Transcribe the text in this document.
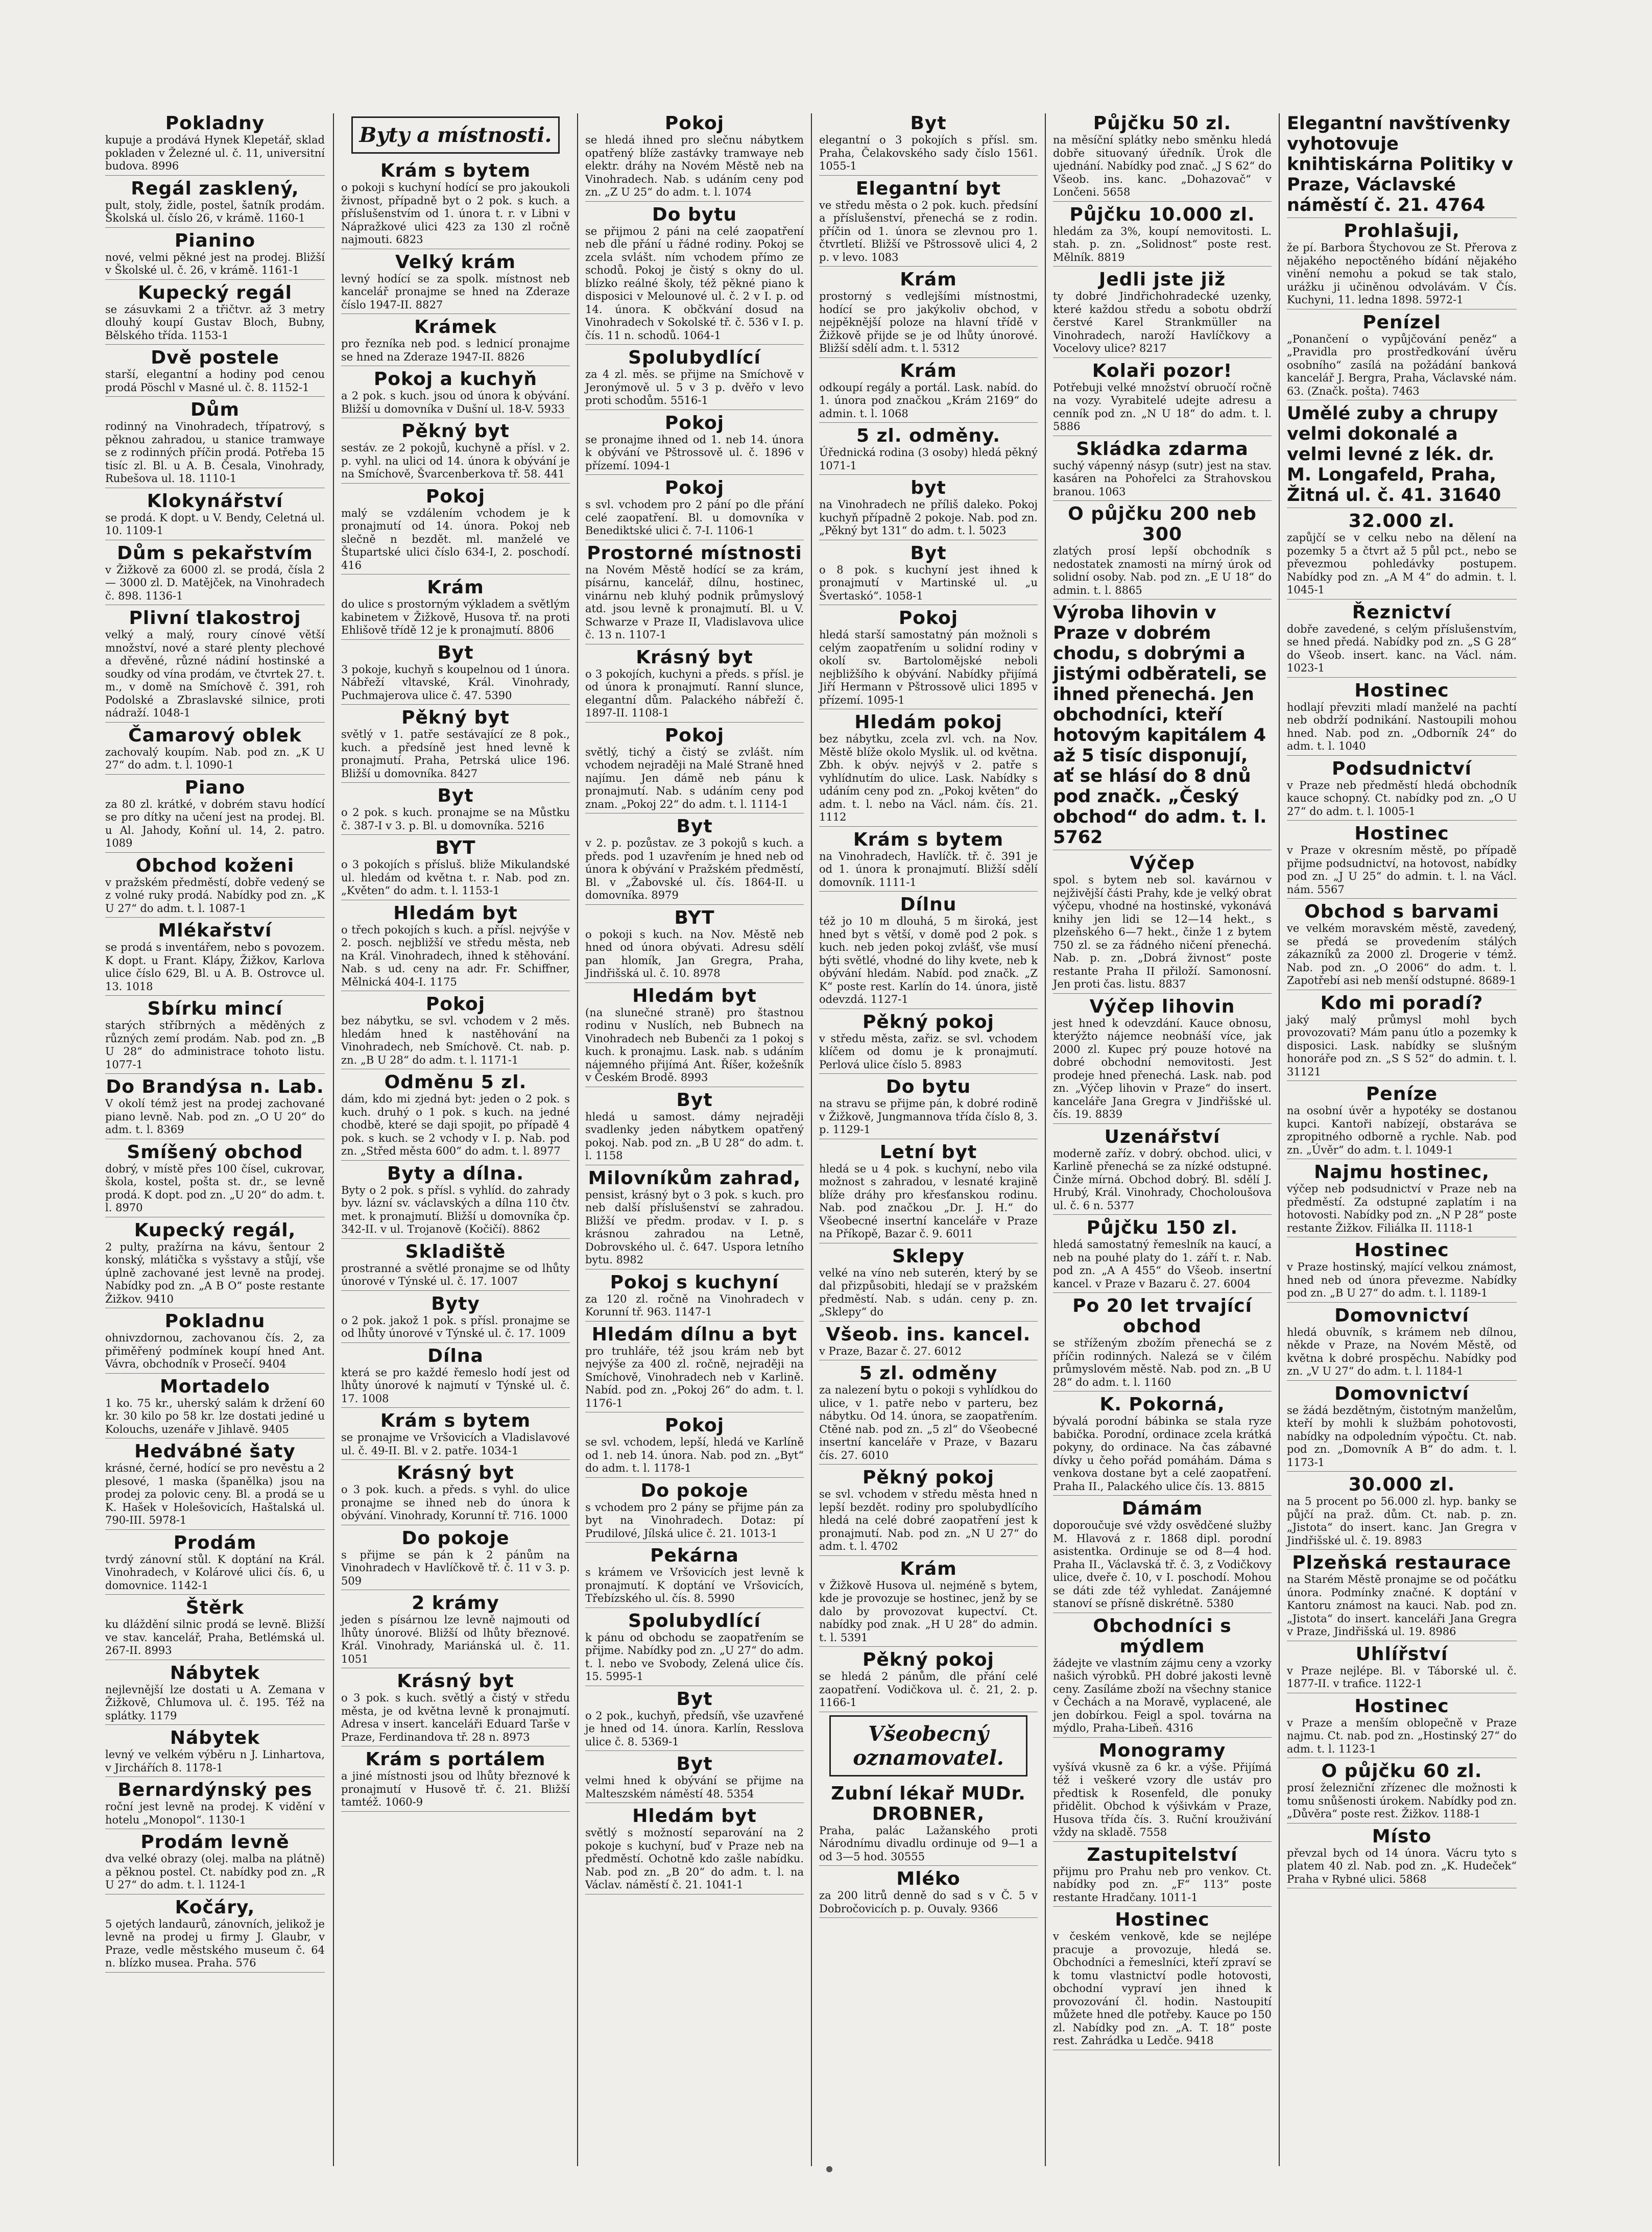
Pokladny
kupuje a prodává Hynek Klepetář, sklad pokladen v Železné ul. č. 11, universitní budova. 8996
Regál zasklený,
pult, stoly, židle, postel, šatník prodám. Školská ul. číslo 26, v krámě. 1160-1
Pianino
nové, velmi pěkné jest na prodej. Bližší v Školské ul. č. 26, v krámě. 1161-1
Kupecký regál
se zásuvkami 2 a třičtvr. až 3 metry dlouhý koupí Gustav Bloch, Bubny, Bělského třída. 1153-1
Dvě postele
starší, elegantní a hodiny pod cenou prodá Pöschl v Masné ul. č. 8. 1152-1
Dům
rodinný na Vinohradech, třípatrový, s pěknou zahradou, u stanice tramwaye se z rodinných příčin prodá. Potřeba 15 tisíc zl. Bl. u A. B. Česala, Vinohrady, Rubešova ul. 18. 1110-1
Klokynářství
se prodá. K dopt. u V. Bendy, Celetná ul. 10. 1109-1
Dům s pekařstvím
v Žižkově za 6000 zl. se prodá, čísla 2 — 3000 zl. D. Matějček, na Vinohradech č. 898. 1136-1
Plivní tlakostroj
velký a malý, roury cínové větší množství, nové a staré plenty plechové a dřevěné, různé nádiní hostinské a soudky od vína prodám, ve čtvrtek 27. t. m., v domě na Smíchově č. 391, roh Podolské a Zbraslavské silnice, proti nádraží. 1048-1
Čamarový oblek
zachovalý koupím. Nab. pod zn. „K U 27“ do adm. t. l. 1090-1
Piano
za 80 zl. krátké, v dobrém stavu hodící se pro dítky na učení jest na prodej. Bl. u Al. Jahody, Koňní ul. 14, 2. patro. 1089
Obchod koženi
v pražském předměstí, dobře vedený se z volné ruky prodá. Nabídky pod zn. „K U 27“ do adm. t. l. 1087-1
Mlékařství
se prodá s inventářem, nebo s povozem. K dopt. u Frant. Klápy, Žižkov, Karlova ulice číslo 629, Bl. u A. B. Ostrovce ul. 13. 1018
Sbírku mincí
starých stříbrných a měděných z různých zemí prodám. Nab. pod zn. „B U 28“ do administrace tohoto listu. 1077-1
Do Brandýsa n. Lab.
V okolí témž jest na prodej zachované piano levně. Nab. pod zn. „O U 20“ do adm. t. l. 8369
Smíšený obchod
dobrý, v místě přes 100 čísel, cukrovar, škola, kostel, pošta st. dr., se levně prodá. K dopt. pod zn. „U 20“ do adm. t. l. 8970
Kupecký regál,
2 pulty, pražírna na kávu, šentour 2 konský, mlátička s vyšstavy a stůjí, vše úplně zachované jest levně na prodej. Nabídky pod zn. „A B O“ poste restante Žižkov. 9410
Pokladnu
ohnivzdornou, zachovanou čís. 2, za přiměřený podmínek koupí hned Ant. Vávra, obchodník v Prosečí. 9404
Mortadelo
1 ko. 75 kr., uherský salám k držení 60 kr. 30 kilo po 58 kr. lze dostati jediné u Kolouchs, uzenáře v Jihlavě. 9405
Hedvábné šaty
krásné, černé, hodící se pro nevěstu a 2 plesové, 1 maska (španělka) jsou na prodej za polovic ceny. Bl. a prodá se u K. Hašek v Holešovicích, Haštalská ul. 790-III. 5978-1
Prodám
tvrdý zánovní stůl. K doptání na Král. Vinohradech, v Kolárové ulici čís. 6, u domovnice. 1142-1
Štěrk
ku dláždění silnic prodá se levně. Bližší ve stav. kancelář, Praha, Betlémská ul. 267-II. 8993
Nábytek
nejlevnější lze dostati u A. Zemana v Žižkově, Chlumova ul. č. 195. Též na splátky. 1179
Nábytek
levný ve velkém výběru n J. Linhartova, v Jirchářích 8. 1178-1
Bernardýnský pes
roční jest levně na prodej. K vidění v hotelu „Monopol“. 1130-1
Prodám levně
dva velké obrazy (olej. malba na plátně) a pěknou postel. Ct. nabídky pod zn. „R U 27“ do adm. t. l. 1124-1
Kočáry,
5 ojetých landaurů, zánovních, jelikož je levně na prodej u firmy J. Glaubr, v Praze, vedle městského museum č. 64 n. blízko musea. Praha. 576
Byty a místnosti.
Krám s bytem
o pokoji s kuchyní hodící se pro jakoukoli živnost, případně byt o 2 pok. s kuch. a příslušenstvím od 1. února t. r. v Libni v Nápražkové ulici 423 za 130 zl ročně najmouti. 6823
Velký krám
levný hodící se za spolk. místnost neb kancelář pronajme se hned na Zderaze číslo 1947-II. 8827
Krámek
pro řezníka neb pod. s lednicí pronajme se hned na Zderaze 1947-II. 8826
Pokoj a kuchyň
a 2 pok. s kuch. jsou od února k obývání. Bližší u domovníka v Dušní ul. 18-V. 5933
Pěkný byt
sestáv. ze 2 pokojů, kuchyně a přísl. v 2. p. vyhl. na ulici od 14. února k obývání je na Smíchově, Švarcenberkova tř. 58. 441
Pokoj
malý se vzdálením vchodem je k pronajmutí od 14. února. Pokoj neb slečně n bezdět. ml. manželé ve Štupartské ulici číslo 634-I, 2. poschodí. 416
Krám
do ulice s prostorným výkladem a světlým kabinetem v Žižkově, Husova tř. na proti Ehlišově třídě 12 je k pronajmutí. 8806
Byt
3 pokoje, kuchyň s koupelnou od 1 února. Nábřeží vltavské, Král. Vinohrady, Puchmajerova ulice č. 47. 5390
Pěkný byt
světlý v 1. patře sestávající ze 8 pok., kuch. a předsíně jest hned levně k pronajmutí. Praha, Petrská ulice 196. Bližší u domovníka. 8427
Byt
o 2 pok. s kuch. pronajme se na Můstku č. 387-I v 3. p. Bl. u domovníka. 5216
BYT
o 3 pokojích s přísluš. bliže Mikulandské ul. hledám od května t. r. Nab. pod zn. „Květen“ do adm. t. l. 1153-1
Hledám byt
o třech pokojích s kuch. a přísl. nejvýše v 2. posch. nejbližší ve středu města, neb na Král. Vinohradech, ihned k stěhování. Nab. s ud. ceny na adr. Fr. Schiffner, Mělnická 404-I. 1175
Pokoj
bez nábytku, se svl. vchodem v 2 měs. hledám hned k nastěhování na Vinohradech, neb Smíchově. Ct. nab. p. zn. „B U 28“ do adm. t. l. 1171-1
Odměnu 5 zl.
dám, kdo mi zjedná byt: jeden o 2 pok. s kuch. druhý o 1 pok. s kuch. na jedné chodbě, které se daji spojit, po případě 4 pok. s kuch. se 2 vchody v I. p. Nab. pod zn. „Střed města 600“ do adm. t. l. 8977
Byty a dílna.
Byty o 2 pok. s přísl. s vyhlíd. do zahrady byv. lázní sv. václavských a dílna 110 čtv. met. k pronajmutí. Bližší u domovníka čp. 342-II. v ul. Trojanově (Kočičí). 8862
Skladiště
prostranné a světlé pronajme se od lhůty únorové v Týnské ul. č. 17. 1007
Byty
o 2 pok. jakož 1 pok. s přísl. pronajme se od lhůty únorové v Týnské ul. č. 17. 1009
Dílna
která se pro každé řemeslo hodí jest od lhůty únorové k najmutí v Týnské ul. č. 17. 1008
Krám s bytem
se pronajme ve Vršovicích a Vladislavové ul. č. 49-II. Bl. v 2. patře. 1034-1
Krásný byt
o 3 pok. kuch. a předs. s vyhl. do ulice pronajme se ihned neb do února k obývání. Vinohrady, Korunní tř. 716. 1000
Do pokoje
s přijme se pán k 2 pánům na Vinohradech v Havlíčkově tř. č. 11 v 3. p. 509
2 krámy
jeden s písárnou lze levně najmouti od lhůty únorové. Bližší od lhůty březnové. Král. Vinohrady, Mariánská ul. č. 11. 1051
Krásný byt
o 3 pok. s kuch. světlý a čistý v středu města, je od května levně k pronajmutí. Adresa v insert. kanceláři Eduard Tarše v Praze, Ferdinandova tř. 28 n. 8973
Krám s portálem
a jiné místnosti jsou od lhůty březnové k pronajmutí v Husově tř. č. 21. Bližší tamtéž. 1060-9
Pokoj
se hledá ihned pro slečnu nábytkem opatřený blíže zastávky tramwaye neb elektr. dráhy na Novém Městě neb na Vinohradech. Nab. s udáním ceny pod zn. „Z U 25“ do adm. t. l. 1074
Do bytu
se přijmou 2 páni na celé zaopatření neb dle přání u řádné rodiny. Pokoj se zcela svlášt. ním vchodem přímo ze schodů. Pokoj je čistý s okny do ul. blízko reálné školy, též pěkné piano k disposici v Melounové ul. č. 2 v I. p. od 14. února. K občkvání dosud na Vinohradech v Sokolské tř. č. 536 v I. p. čís. 11 n. schodů. 1064-1
Spolubydlící
za 4 zl. měs. se přijme na Smíchově v Jeronýmově ul. 5 v 3 p. dvěřo v levo proti schodům. 5516-1
Pokoj
se pronajme ihned od 1. neb 14. února k obývání ve Pštrossově ul. č. 1896 v přízemí. 1094-1
Pokoj
s svl. vchodem pro 2 pání po dle přání celé zaopatření. Bl. u domovníka v Benediktské ulici č. 7-I. 1106-1
Prostorné místnosti
na Novém Městě hodící se za krám, písárnu, kancelář, dílnu, hostinec, vinárnu neb kluhý podnik průmyslový atd. jsou levně k pronajmutí. Bl. u V. Schwarze v Praze II, Vladislavova ulice č. 13 n. 1107-1
Krásný byt
o 3 pokojích, kuchyni a předs. s přísl. je od února k pronajmutí. Ranní slunce, elegantní dům. Palackého nábřeží č. 1897-II. 1108-1
Pokoj
světlý, tichý a čistý se zvlášt. ním vchodem nejraději na Malé Straně hned najímu. Jen dámě neb pánu k pronajmutí. Nab. s udáním ceny pod znam. „Pokoj 22“ do adm. t. l. 1114-1
Byt
v 2. p. pozůstav. ze 3 pokojů s kuch. a předs. pod 1 uzavřením je hned neb od února k obývání v Pražském předměstí, Bl. v „Žabovské ul. čís. 1864-II. u domovníka. 8979
BYT
o pokoji s kuch. na Nov. Městě neb hned od února obývati. Adresu sdělí pan hlomík, Jan Gregra, Praha, Jindřišská ul. č. 10. 8978
Hledám byt
(na slunečné straně) pro štastnou rodinu v Nuslích, neb Bubnech na Vinohradech neb Bubenči za 1 pokoj s kuch. k pronajmu. Lask. nab. s udáním nájemného přijímá Ant. Říšer, kožešník v Českém Brodě. 8993
Byt
hledá u samost. dámy nejraději svadlenky jeden nábytkem opatřený pokoj. Nab. pod zn. „B U 28“ do adm. t. l. 1158
Milovníkům zahrad,
pensist, krásný byt o 3 pok. s kuch. pro neb další příslušenství se zahradou. Bližší ve předm. prodav. v I. p. s krásnou zahradou na Letně, Dobrovského ul. č. 647. Uspora letního bytu. 8982
Pokoj s kuchyní
za 120 zl. ročně na Vinohradech v Korunní tř. 963. 1147-1
Hledám dílnu a byt
pro truhláře, též jsou krám neb byt nejvýše za 400 zl. ročně, nejraději na Smíchově, Vinohradech neb v Karlině. Nabíd. pod zn. „Pokoj 26“ do adm. t. l. 1176-1
Pokoj
se svl. vchodem, lepší, hledá ve Karlíně od 1. neb 14. února. Nab. pod zn. „Byt“ do adm. t. l. 1178-1
Do pokoje
s vchodem pro 2 pány se přijme pán za byt na Vinohradech. Dotaz: pí Prudilové, Jílská ulice č. 21. 1013-1
Pekárna
s krámem ve Vršovicích jest levně k pronajmutí. K doptání ve Vršovicích, Třebízského ul. čís. 8. 5990
Spolubydlící
k pánu od obchodu se zaopatřením se přijme. Nabídky pod zn. „U 27“ do adm. t. l. nebo ve Svobody, Zelená ulice čís. 15. 5995-1
Byt
o 2 pok., kuchyň, předsíň, vše uzavřené je hned od 14. února. Karlín, Resslova ulice č. 8. 5369-1
Byt
velmi hned k obývání se přijme na Malteszském náměstí 48. 5354
Hledám byt
světlý s možností separování na 2 pokoje s kuchyní, buď v Praze neb na předměstí. Ochotně kdo zašle nabídku. Nab. pod zn. „B 20“ do adm. t. l. na Václav. náměstí č. 21. 1041-1
Byt
elegantní o 3 pokojích s přísl. sm. Praha, Čelakovského sady číslo 1561. 1055-1
Elegantní byt
ve středu města o 2 pok. kuch. předsíní a příslušenství, přenechá se z rodin. příčin od 1. února se zlevnou pro 1. čtvrtletí. Bližší ve Pštrossově ulici 4, 2 p. v levo. 1083
Krám
prostorný s vedlejšími místnostmi, hodící se pro jakýkoliv obchod, v nejpěknější poloze na hlavní třídě v Žižkově přijde se je od lhůty únorové. Bližší sdělí adm. t. l. 5312
Krám
odkoupí regály a portál. Lask. nabíd. do 1. února pod značkou „Krám 2169“ do admin. t. l. 1068
5 zl. odměny.
Úřednická rodina (3 osoby) hledá pěkný 1071-1
byt
na Vinohradech ne příliš daleko. Pokoj kuchyň případně 2 pokoje. Nab. pod zn. „Pěkný byt 131“ do adm. t. l. 5023
Byt
o 8 pok. s kuchyní jest ihned k pronajmutí v Martinské ul. „u Švertaskó“. 1058-1
Pokoj
hledá starší samostatný pán možnoli s celým zaopatřením u solidní rodiny v okolí sv. Bartolomějské neboli nejbližšího k obývání. Nabídky přijímá Jiří Hermann v Pštrossově ulici 1895 v přízemí. 1095-1
Hledám pokoj
bez nábytku, zcela zvl. vch. na Nov. Městě blíže okolo Myslik. ul. od května. Zbh. k obýv. nejvýš v 2. patře s vyhlídnutím do ulice. Lask. Nabídky s udáním ceny pod zn. „Pokoj květen“ do adm. t. l. nebo na Václ. nám. čís. 21. 1112
Krám s bytem
na Vinohradech, Havlíčk. tř. č. 391 je od 1. února k pronajmutí. Bližší sdělí domovník. 1111-1
Dílnu
též jo 10 m dlouhá, 5 m široká, jest hned byt s větší, v domě pod 2 pok. s kuch. neb jeden pokoj zvlášť, vše musí býti světlé, vhodné do lihy kvete, neb k obývání hledám. Nabíd. pod značk. „Z K“ poste rest. Karlín do 14. února, jistě odevzdá. 1127-1
Pěkný pokoj
v středu města, zařiz. se svl. vchodem klíčem od domu je k pronajmutí. Perlová ulice číslo 5. 8983
Do bytu
na stravu se přijme pán, k dobré rodině v Žižkově, Jungmannova třída číslo 8, 3. p. 1129-1
Letní byt
hledá se u 4 pok. s kuchyní, nebo vila možnost s zahradou, v lesnaté krajině blíže dráhy pro křesťanskou rodinu. Nab. pod značkou „Dr. J. H.“ do Všeobecné insertní kanceláře v Praze na Příkopě, Bazar č. 9. 6011
Sklepy
velké na víno neb suterén, který by se dal přizpůsobiti, hledají se v pražském předměstí. Nab. s udán. ceny p. zn. „Sklepy“ do
Všeob. ins. kancel.
v Praze, Bazar č. 27. 6012
5 zl. odměny
za nalezení bytu o pokoji s vyhlídkou do ulice, v 1. patře nebo v parteru, bez nábytku. Od 14. února, se zaopatřením. Ctěné nab. pod zn. „5 zl“ do Všeobecné insertní kanceláře v Praze, v Bazaru čís. 27. 6010
Pěkný pokoj
se svl. vchodem v středu města hned n lepší bezdět. rodiny pro spolubydlícího hledá na celé dobré zaopatření jest k pronajmutí. Nab. pod zn. „N U 27“ do adm. t. l. 4702
Krám
v Žižkově Husova ul. nejméně s bytem, kde je provozuje se hostinec, jenž by se dalo by provozovat kupectví. Ct. nabídky pod znak. „H U 28“ do admin. t. l. 5391
Pěkný pokoj
se hledá 2 pánům, dle přání celé zaopatření. Vodičkova ul. č. 21, 2. p. 1166-1
Všeobecný oznamovatel.
Zubní lékař MUDr. DROBNER,
Praha, palác Lažanského proti Národnímu divadlu ordinuje od 9—1 a od 3—5 hod. 30555
Mléko
za 200 litrů denně do sad s v Č. 5 v Dobročovicích p. p. Ouvaly. 9366
Půjčku 50 zl.
na měsíční splátky nebo směnku hledá dobře situovaný úředník. Úrok dle ujednání. Nabídky pod znač. „J S 62“ do Všeob. ins. kanc. „Dohazovač“ v Lončeni. 5658
Půjčku 10.000 zl.
hledám za 3%, koupí nemovitosti. L. stah. p. zn. „Solidnost“ poste rest. Mělník. 8819
Jedli jste již
ty dobré Jindřichohradecké uzenky, které každou středu a sobotu obdrží čerstvé Karel Strankmüller na Vinohradech, naroží Havlíčkovy a Vocelovy ulice? 8217
Kolaři pozor!
Potřebuji velké množství obruočí ročně na vozy. Vyrabitelé udejte adresu a cenník pod zn. „N U 18“ do adm. t. l. 5886
Skládka zdarma
suchý vápenný násyp (sutr) jest na stav. kasáren na Pohořelci za Strahovskou branou. 1063
O půjčku 200 neb 300
zlatých prosí lepší obchodník s nedostatek znamosti na mírný úrok od solidní osoby. Nab. pod zn. „E U 18“ do admin. t. l. 8865
Výroba lihovin v Praze v dobrém chodu, s dobrými a jistými odběrateli, se ihned přenechá. Jen obchodníci, kteří hotovým kapitálem 4 až 5 tisíc disponují, ať se hlásí do 8 dnů pod značk. „Český obchod“ do adm. t. l. 5762
Výčep
spol. s bytem neb sol. kavárnou v nejživější části Prahy, kde je velký obrat výčepu, vhodné na hostinské, vykonává knihy jen lidi se 12—14 hekt., s plzeňského 6—7 hekt., činže 1 z bytem 750 zl. se za řádného ničení přenechá. Nab. p. zn. „Dobrá živnost“ poste restante Praha II přiloží. Samonosní. Jen proti čas. listu. 8837
Výčep lihovin
jest hned k odevzdání. Kauce obnosu, kterýžto nájemce neobnáší více, jak 2000 zl. Kupec prý pouze hotové na dobré obchodní nemovitosti. Jest prodeje hned přenechá. Lask. nab. pod zn. „Výčep lihovin v Praze“ do insert. kanceláře Jana Gregra v Jindřišské ul. čís. 19. 8839
Uzenářství
moderně zaříz. v dobrý. obchod. ulici, v Karlině přenechá se za nízké odstupné. Činže mírná. Obchod dobrý. Bl. sdělí J. Hrubý, Král. Vinohrady, Chocholoušova ul. č. 6 n. 5377
Půjčku 150 zl.
hledá samostatný řemeslník na kaucí, a neb na pouhé platy do 1. září t. r. Nab. pod zn. „A A 455“ do Všeob. insertní kancel. v Praze v Bazaru č. 27. 6004
Po 20 let trvající obchod
se stříženým zbožím přenechá se z příčin rodinných. Nalezá se v čilém průmyslovém městě. Nab. pod zn. „B U 28“ do adm. t. l. 1160
K. Pokorná,
bývalá porodní bábinka se stala ryze babička. Porodní, ordinace zcela krátká pokyny, do ordinace. Na čas zábavné dívky u čeho pořád pomáhám. Dáma s venkova dostane byt a celé zaopatření. Praha II., Palackého ulice čís. 13. 8815
Dámám
doporoučuje své vždy osvědčené služby M. Hlavová z r. 1868 dipl. porodní asistentka. Ordinuje se od 8—4 hod. Praha II., Václavská tř. č. 3, z Vodičkovy ulice, dveře č. 10, v I. poschodí. Mohou se dáti zde též vyhledat. Zanájemné stanoví se přísně diskrétně. 5380
Obchodníci s mýdlem
žádejte ve vlastním zájmu ceny a vzorky našich výrobků. PH dobré jakosti levně ceny. Zasíláme zboží na všechny stanice v Čechách a na Moravě, vyplacené, ale jen dobírkou. Feigl a spol. továrna na mýdlo, Praha-Libeň. 4316
Monogramy
vyšívá vkusně za 6 kr. a výše. Přijímá též i veškeré vzory dle ustáv pro předtisk k Rosenfeld, dle ponuky přidělit. Obchod k výšivkám v Praze, Husova třída čís. 3. Ruční krouživání vždy na skladě. 7558
Zastupitelství
přijmu pro Prahu neb pro venkov. Ct. nabídky pod zn. „F“ 113“ poste restante Hradčany. 1011-1
Hostinec
v českém venkově, kde se nejlépe pracuje a provozuje, hledá se. Obchodníci a řemeslníci, kteří zpraví se k tomu vlastnictví podle hotovosti, obchodní vypraví jen ihned k provozování čl. hodin. Nastoupití můžete hned dle potřeby. Kauce po 150 zl. Nabídky pod zn. „A. T. 18“ poste rest. Zahrádka u Ledče. 9418
Elegantní navštívenky vyhotovuje knihtiskárna Politiky v Praze, Václavské náměstí č. 21. 4764
Prohlašuji,
že pí. Barbora Štychovou ze St. Přerova z nějakého nepoctěného bídání nějakého vinění nemohu a pokud se tak stalo, urážku ji učiněnou odvolávám. V Čís. Kuchyni, 11. ledna 1898. 5972-1
Penízel
„Ponančení o vypůjčování peněz“ a „Pravidla pro prostředkování úvěru osobního“ zasílá na požádání banková kancelář J. Bergra, Praha, Václavské nám. 63. (Značk. pošta). 7463
Umělé zuby a chrupy velmi dokonalé a velmi levné z lék. dr. M. Longafeld, Praha, Žitná ul. č. 41. 31640
32.000 zl.
zapůjčí se v celku nebo na dělení na pozemky 5 a čtvrt až 5 půl pct., nebo se převezmou pohledávky postupem. Nabídky pod zn. „A M 4“ do admin. t. l. 1045-1
Řeznictví
dobře zavedené, s celým příslušenstvím, se hned předá. Nabídky pod zn. „S G 28“ do Všeob. insert. kanc. na Václ. nám. 1023-1
Hostinec
hodlají převziti mladí manželé na pachtí neb obdrží podnikání. Nastoupili mohou hned. Nab. pod zn. „Odborník 24“ do adm. t. l. 1040
Podsudnictví
v Praze neb předměstí hledá obchodník kauce schopný. Ct. nabídky pod zn. „O U 27“ do adm. t. l. 1005-1
Hostinec
v Praze v okresním městě, po případě přijme podsudnictví, na hotovost, nabídky pod zn. „J U 25“ do admin. t. l. na Václ. nám. 5567
Obchod s barvami
ve velkém moravském městě, zavedený, se předá se provedením stálých zákazníků za 2000 zl. Drogerie v témž. Nab. pod zn. „O 2006“ do adm. t. l. Zapotřebí asi neb menší odstupné. 8689-1
Kdo mi poradí?
jaký malý průmysl mohl bych provozovati? Mám panu útlo a pozemky k disposici. Lask. nabídky se slušným honoráře pod zn. „S S 52“ do admin. t. l. 31121
Peníze
na osobní úvěr a hypotéky se dostanou kupci. Kantoři nabízejí, obstaráva se zpropitného odborně a rychle. Nab. pod zn. „Úvěr“ do adm. t. l. 1049-1
Najmu hostinec,
výčep neb podsudnictví v Praze neb na předměstí. Za odstupné zaplatím i na hotovosti. Nabídky pod zn. „N P 28“ poste restante Žižkov. Filiálka II. 1118-1
Hostinec
v Praze hostinský, mající velkou známost, hned neb od února převezme. Nabídky pod zn. „B U 27“ do adm. t. l. 1189-1
Domovnictví
hledá obuvník, s krámem neb dílnou, někde v Praze, na Novém Městě, od května k dobré prospěchu. Nabídky pod zn. „V U 27“ do adm. t. l. 1184-1
Domovnictví
se žádá bezdětným, čistotným manželům, kteří by mohli k službám pohotovosti, nabídky na odpoledním výpočtu. Ct. nab. pod zn. „Domovník A B“ do adm. t. l. 1173-1
30.000 zl.
na 5 procent po 56.000 zl. hyp. banky se půjčí na praž. dům. Ct. nab. p. zn. „Jistota“ do insert. kanc. Jan Gregra v Jindřišské ul. č. 19. 8983
Plzeňská restaurace
na Starém Městě pronajme se od počátku února. Podmínky značné. K doptání v Kantoru známost na kauci. Nab. pod zn. „Jistota“ do insert. kanceláři Jana Gregra v Praze, Jindřišská ul. 19. 8986
Uhlířství
v Praze nejlépe. Bl. v Táborské ul. č. 1877-II. v trafice. 1122-1
Hostinec
v Praze a menším oblopečně v Praze najmu. Ct. nab. pod zn. „Hostinský 27“ do adm. t. l. 1123-1
O půjčku 60 zl.
prosí železniční zřízenec dle možnosti k tomu snůšenosti úrokem. Nabídky pod zn. „Důvěra“ poste rest. Žižkov. 1188-1
Místo
převzal bych od 14 února. Vácru tyto s platem 40 zl. Nab. pod zn. „K. Hudeček“ Praha v Rybné ulici. 5868
